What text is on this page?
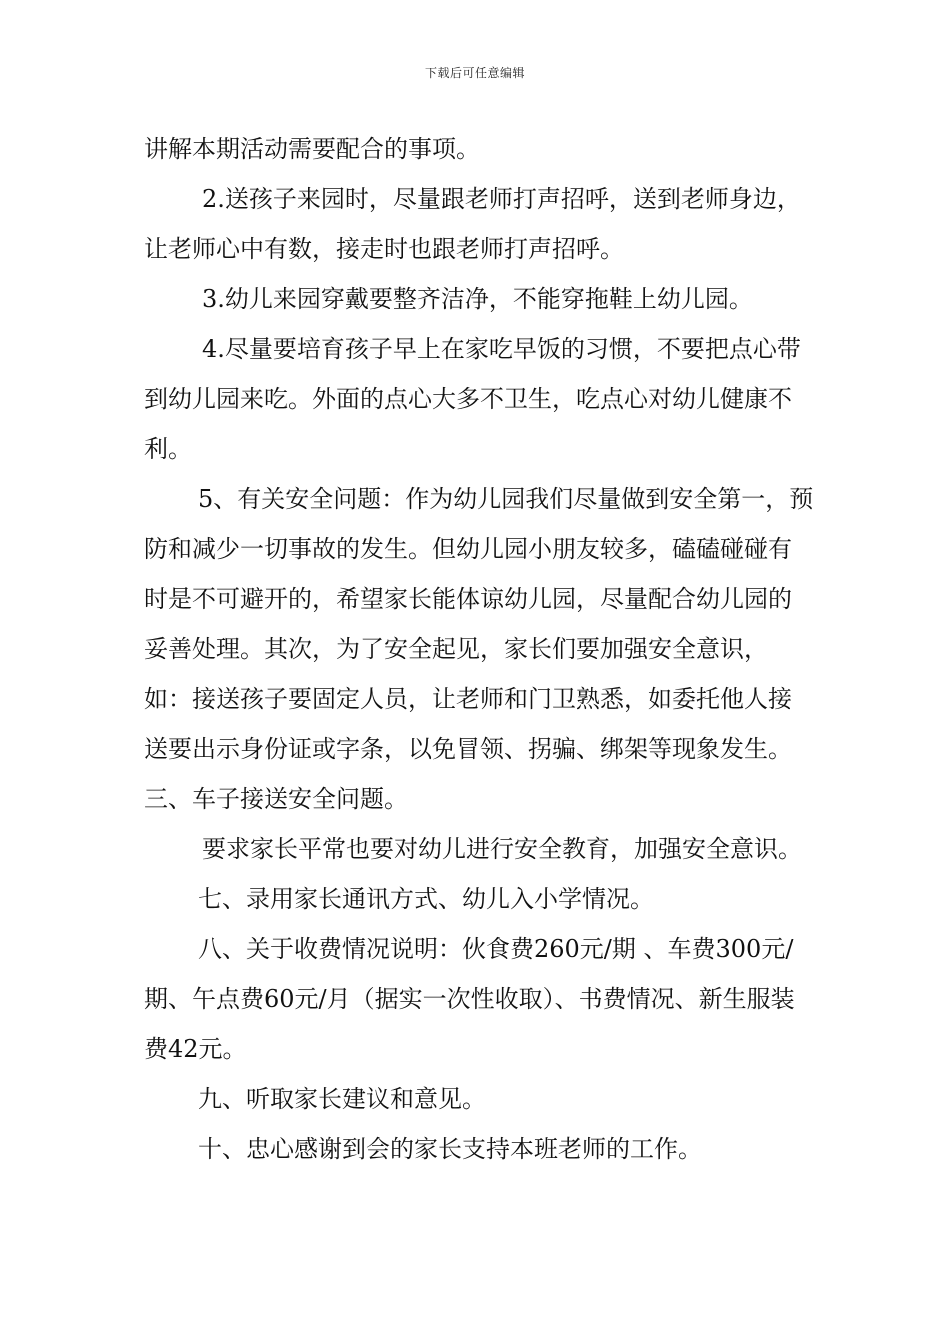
下载后可任意编辑

讲解本期活动需要配合的事项。

2.送孩子来园时，尽量跟老师打声招呼，送到老师身边，让老师心中有数，接走时也跟老师打声招呼。

3.幼儿来园穿戴要整齐洁净，不能穿拖鞋上幼儿园。

4.尽量要培育孩子早上在家吃早饭的习惯，不要把点心带到幼儿园来吃。外面的点心大多不卫生，吃点心对幼儿健康不利。

5、有关安全问题：作为幼儿园我们尽量做到安全第一，预防和减少一切事故的发生。但幼儿园小朋友较多，磕磕碰碰有时是不可避开的，希望家长能体谅幼儿园，尽量配合幼儿园的妥善处理。其次，为了安全起见，家长们要加强安全意识，如：接送孩子要固定人员，让老师和门卫熟悉，如委托他人接送要出示身份证或字条，以免冒领、拐骗、绑架等现象发生。三、车子接送安全问题。

要求家长平常也要对幼儿进行安全教育，加强安全意识。

七、录用家长通讯方式、幼儿入小学情况。

八、关于收费情况说明：伙食费260元/期 、车费300元/期、午点费60元/月（据实一次性收取）、书费情况、新生服装费42元。

九、听取家长建议和意见。

十、忠心感谢到会的家长支持本班老师的工作。
